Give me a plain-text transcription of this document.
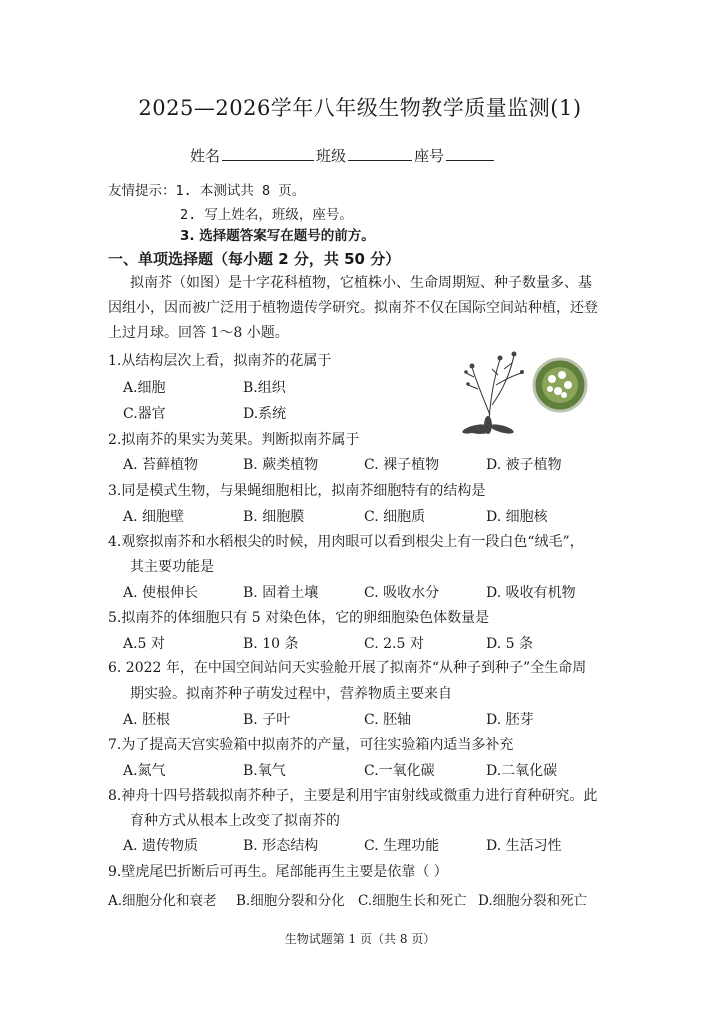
2025—2026学年八年级生物教学质量监测(1)
姓名	班级	座号
友情提示：1. 本测试共 8 页。
2. 写上姓名，班级，座号。
3. 选择题答案写在题号的前方。
一、单项选择题（每小题 2 分，共 50 分）
拟南芥（如图）是十字花科植物，它植株小、生命周期短、种子数量多、基
因组小，因而被广泛用于植物遗传学研究。拟南芥不仅在国际空间站种植，还登
上过月球。回答 1～8 小题。
1.从结构层次上看，拟南芥的花属于
A.细胞	B.组织
C.器官	D.系统
2.拟南芥的果实为荚果。判断拟南芥属于
A. 苔藓植物	B. 蕨类植物	C. 裸子植物	D. 被子植物
3.同是模式生物，与果蝇细胞相比，拟南芥细胞特有的结构是
A. 细胞壁	B. 细胞膜	C. 细胞质	D. 细胞核
4.观察拟南芥和水稻根尖的时候，用肉眼可以看到根尖上有一段白色“绒毛”，
其主要功能是
A. 使根伸长	B. 固着土壤	C. 吸收水分	D. 吸收有机物
5.拟南芥的体细胞只有 5 对染色体，它的卵细胞染色体数量是
A.5 对	B. 10 条	C. 2.5 对	D. 5 条
6. 2022 年，在中国空间站问天实验舱开展了拟南芥“从种子到种子”全生命周
期实验。拟南芥种子萌发过程中，营养物质主要来自
A. 胚根	B. 子叶	C. 胚轴	D. 胚芽
7.为了提高天宫实验箱中拟南芥的产量，可往实验箱内适当多补充
A.氮气	B.氧气	C.一氧化碳	D.二氧化碳
8.神舟十四号搭载拟南芥种子，主要是利用宇宙射线或微重力进行育种研究。此
育种方式从根本上改变了拟南芥的
A. 遗传物质	B. 形态结构	C. 生理功能	D. 生活习性
9.壁虎尾巴折断后可再生。尾部能再生主要是依靠（ ）
A.细胞分化和衰老 B.细胞分裂和分化 C.细胞生长和死亡 D.细胞分裂和死亡
生物试题第 1 页（共 8 页）
